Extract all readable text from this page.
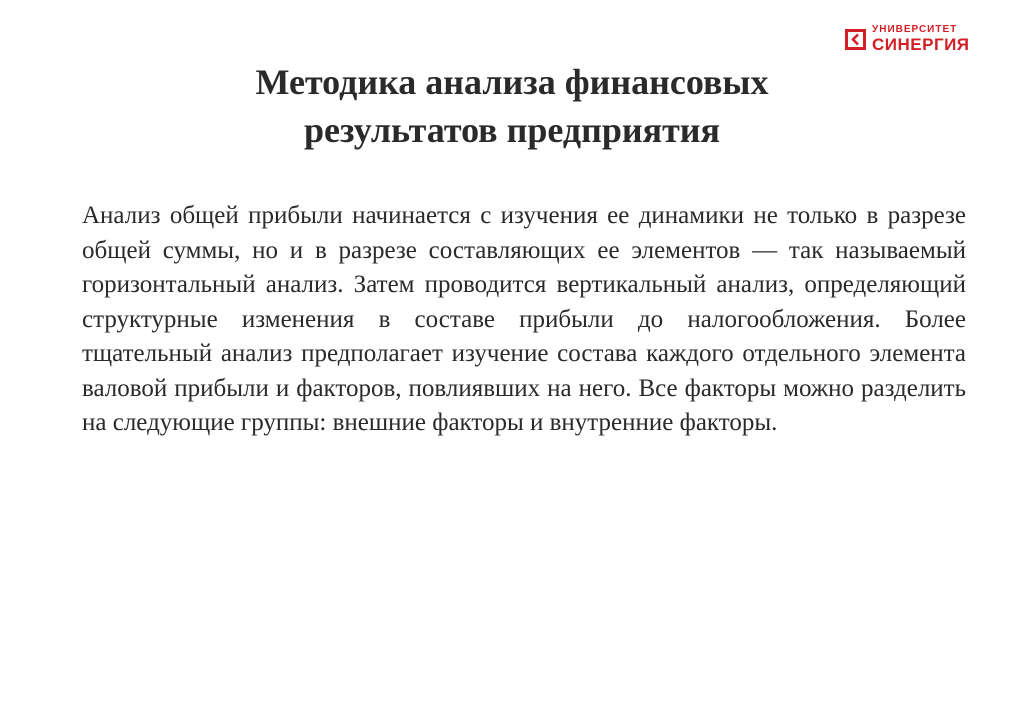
УНИВЕРСИТЕТ
СИНЕРГИЯ
Методика анализа финансовых
результатов предприятия

Анализ общей прибыли начинается с изучения ее динамики не только в разрезе общей суммы, но и в разрезе составляющих ее элементов — так называемый горизонтальный анализ. Затем проводится вертикальный анализ, определяющий структурные изменения в составе прибыли до налогообложения. Более тщательный анализ предполагает изучение состава каждого отдельного элемента валовой прибыли и факторов, повлиявших на него. Все факторы можно разделить на следующие группы: внешние факторы и внутренние факторы.
